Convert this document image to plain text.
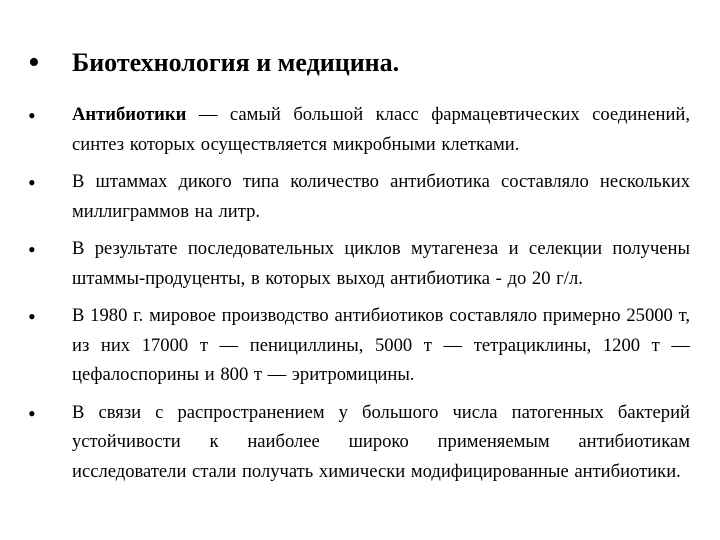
•	Биотехнология и медицина.
•	Антибиотики — самый большой класс фармацевтических соединений, синтез которых осуществляется микробными клетками.
•	В штаммах дикого типа количество антибиотика составляло нескольких миллиграммов на литр.
•	В результате последовательных циклов мутагенеза и селекции получены штаммы-продуценты, в которых выход антибиотика - до 20 г/л.
•	В 1980 г. мировое производство антибиотиков составляло примерно 25000 т, из них 17000 т — пенициллины, 5000 т — тетрациклины, 1200 т — цефалоспорины и 800 т — эритромицины.
•	В связи с распространением у большого числа патогенных бактерий устойчивости к наиболее широко применяемым антибиотикам исследователи стали получать химически модифицированные антибиотики.
